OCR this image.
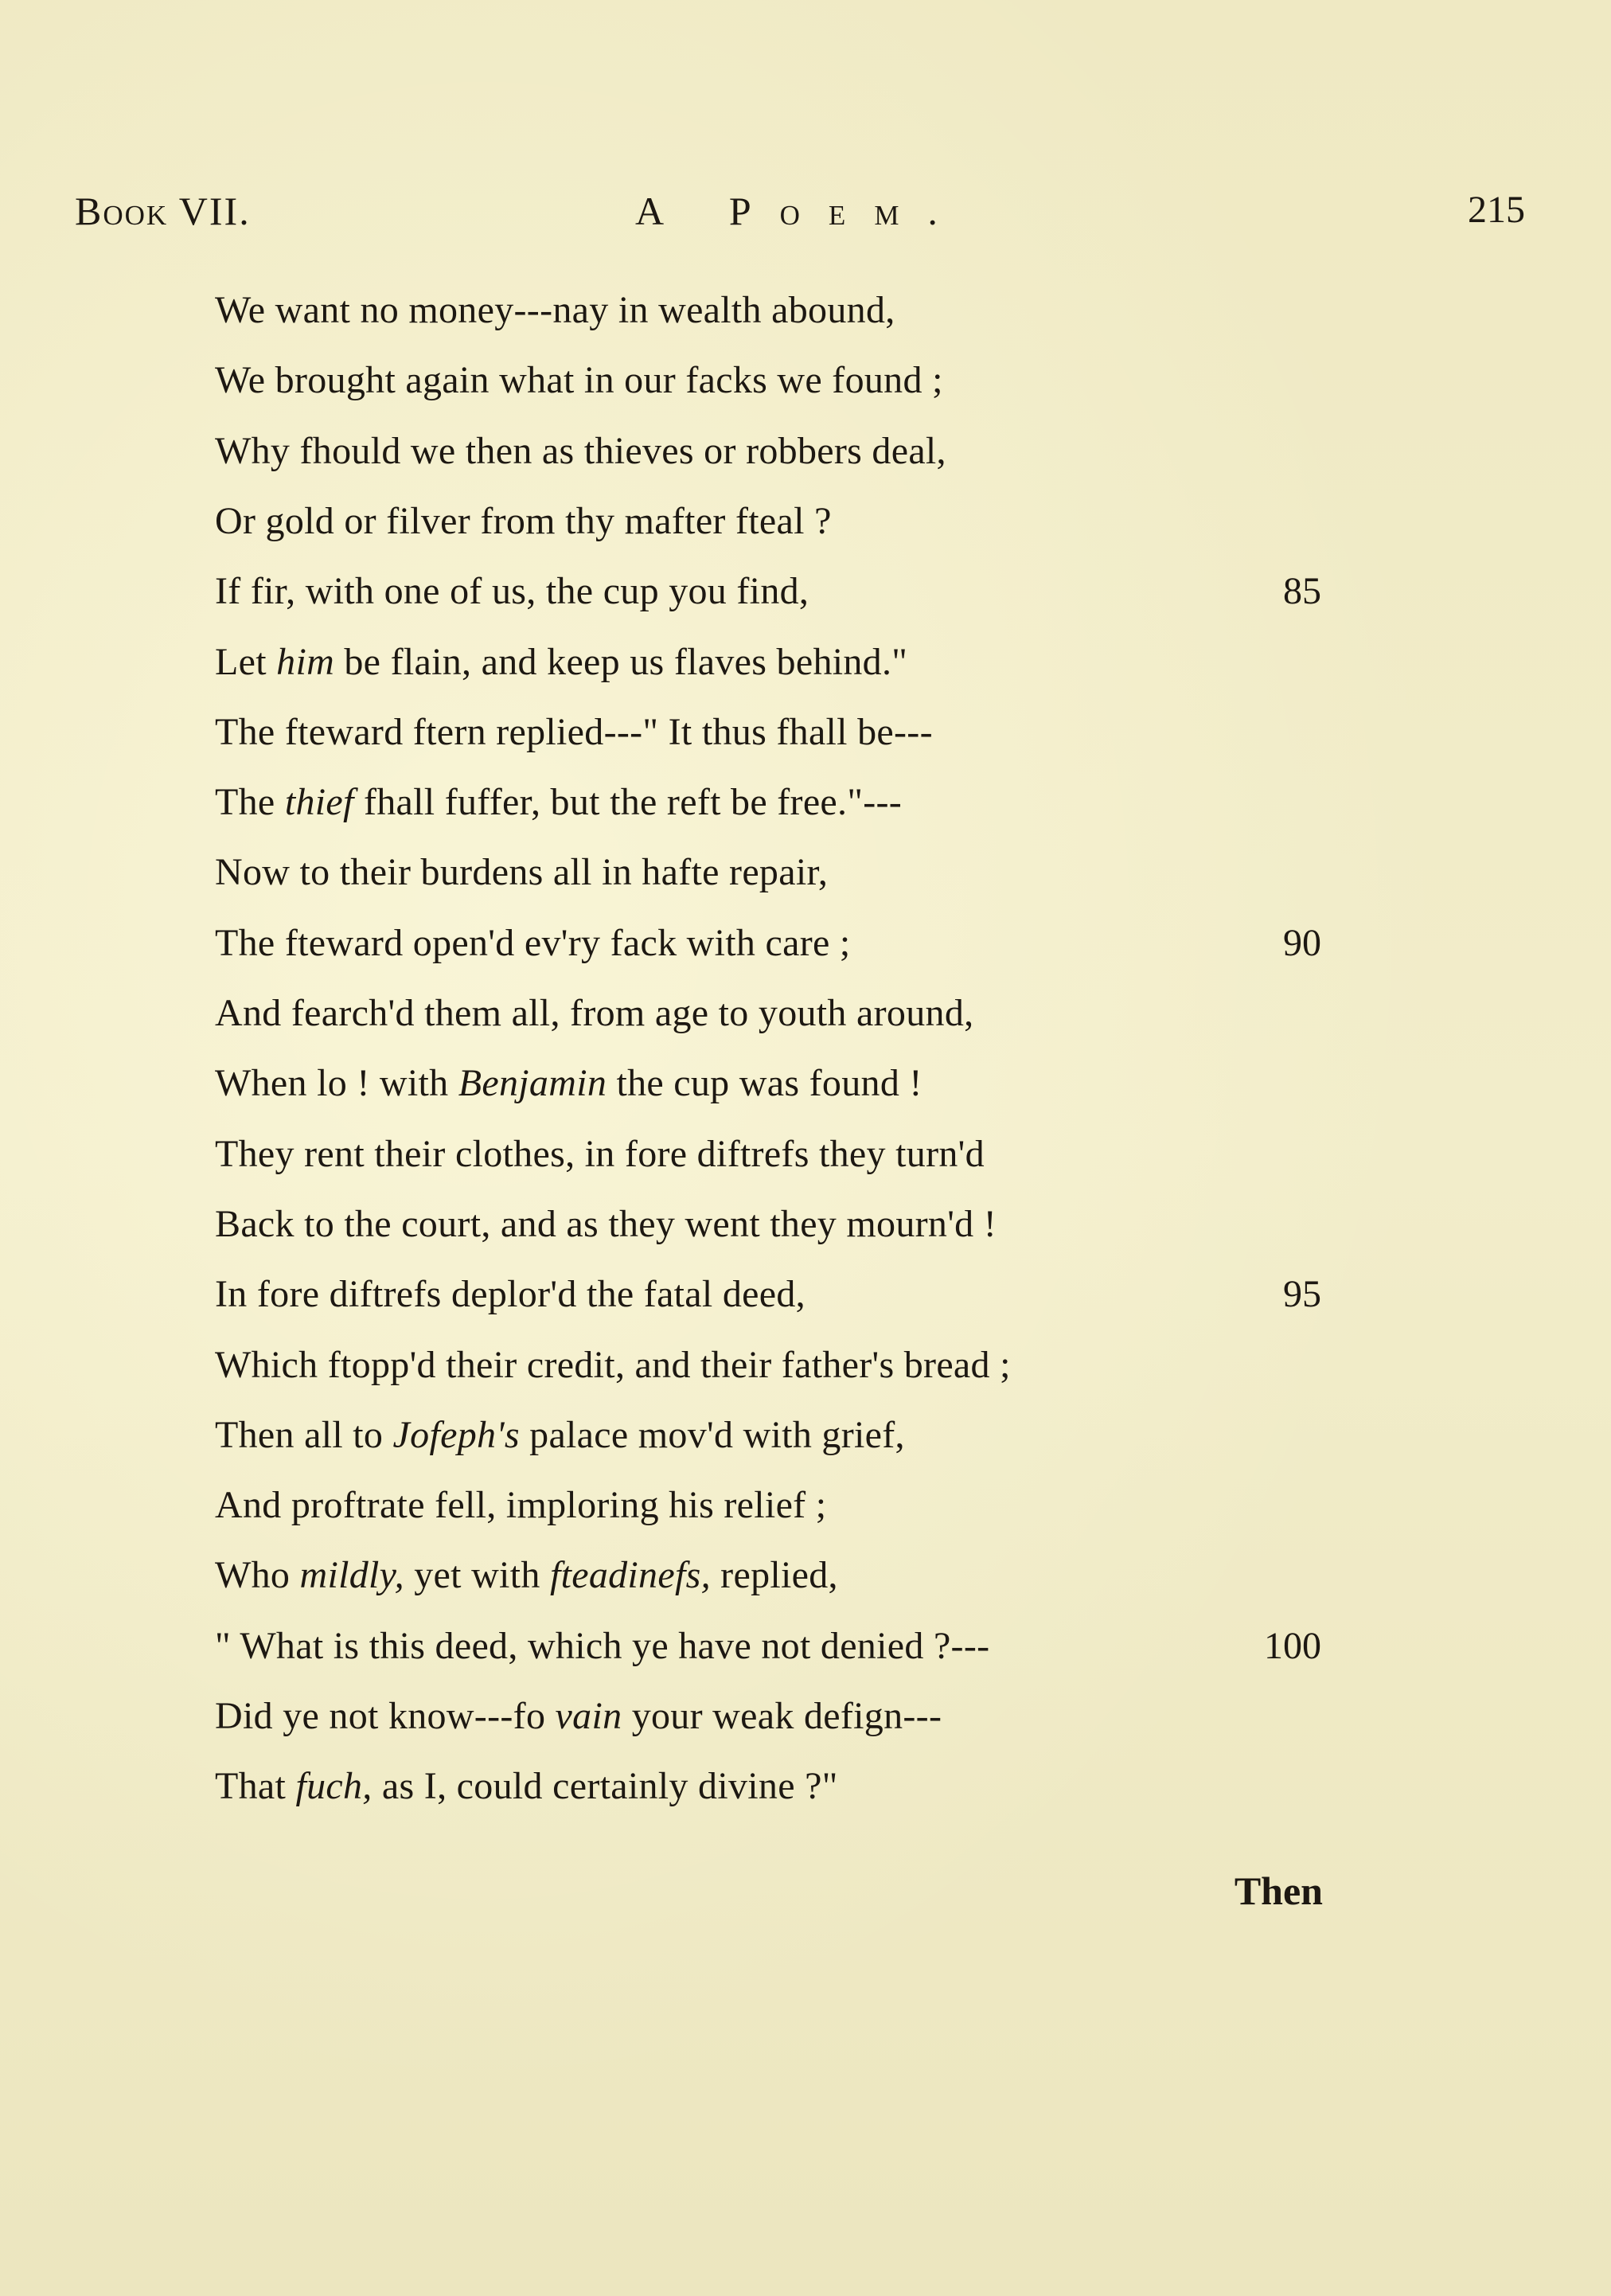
Book VII.	A Poem.	215
We want no money---nay in wealth abound,
We brought again what in our facks we found ;
Why fhould we then as thieves or robbers deal,
Or gold or filver from thy mafter fteal ?
If fir, with one of us, the cup you find,
Let him be flain, and keep us flaves behind."
The fteward ftern replied---" It thus fhall be---
The thief fhall fuffer, but the reft be free."---
Now to their burdens all in hafte repair,
The fteward open'd ev'ry fack with care ;
And fearch'd them all, from age to youth around,
When lo ! with Benjamin the cup was found !
They rent their clothes, in fore diftrefs they turn'd
Back to the court, and as they went they mourn'd !
In fore diftrefs deplor'd the fatal deed,
Which ftopp'd their credit, and their father's bread ;
Then all to Jofeph's palace mov'd with grief,
And proftrate fell, imploring his relief ;
Who mildly, yet with fteadinefs, replied,
" What is this deed, which ye have not denied ?---
Did ye not know---fo vain your weak defign---
That fuch, as I, could certainly divine ?"
Then
85
90
95
100
